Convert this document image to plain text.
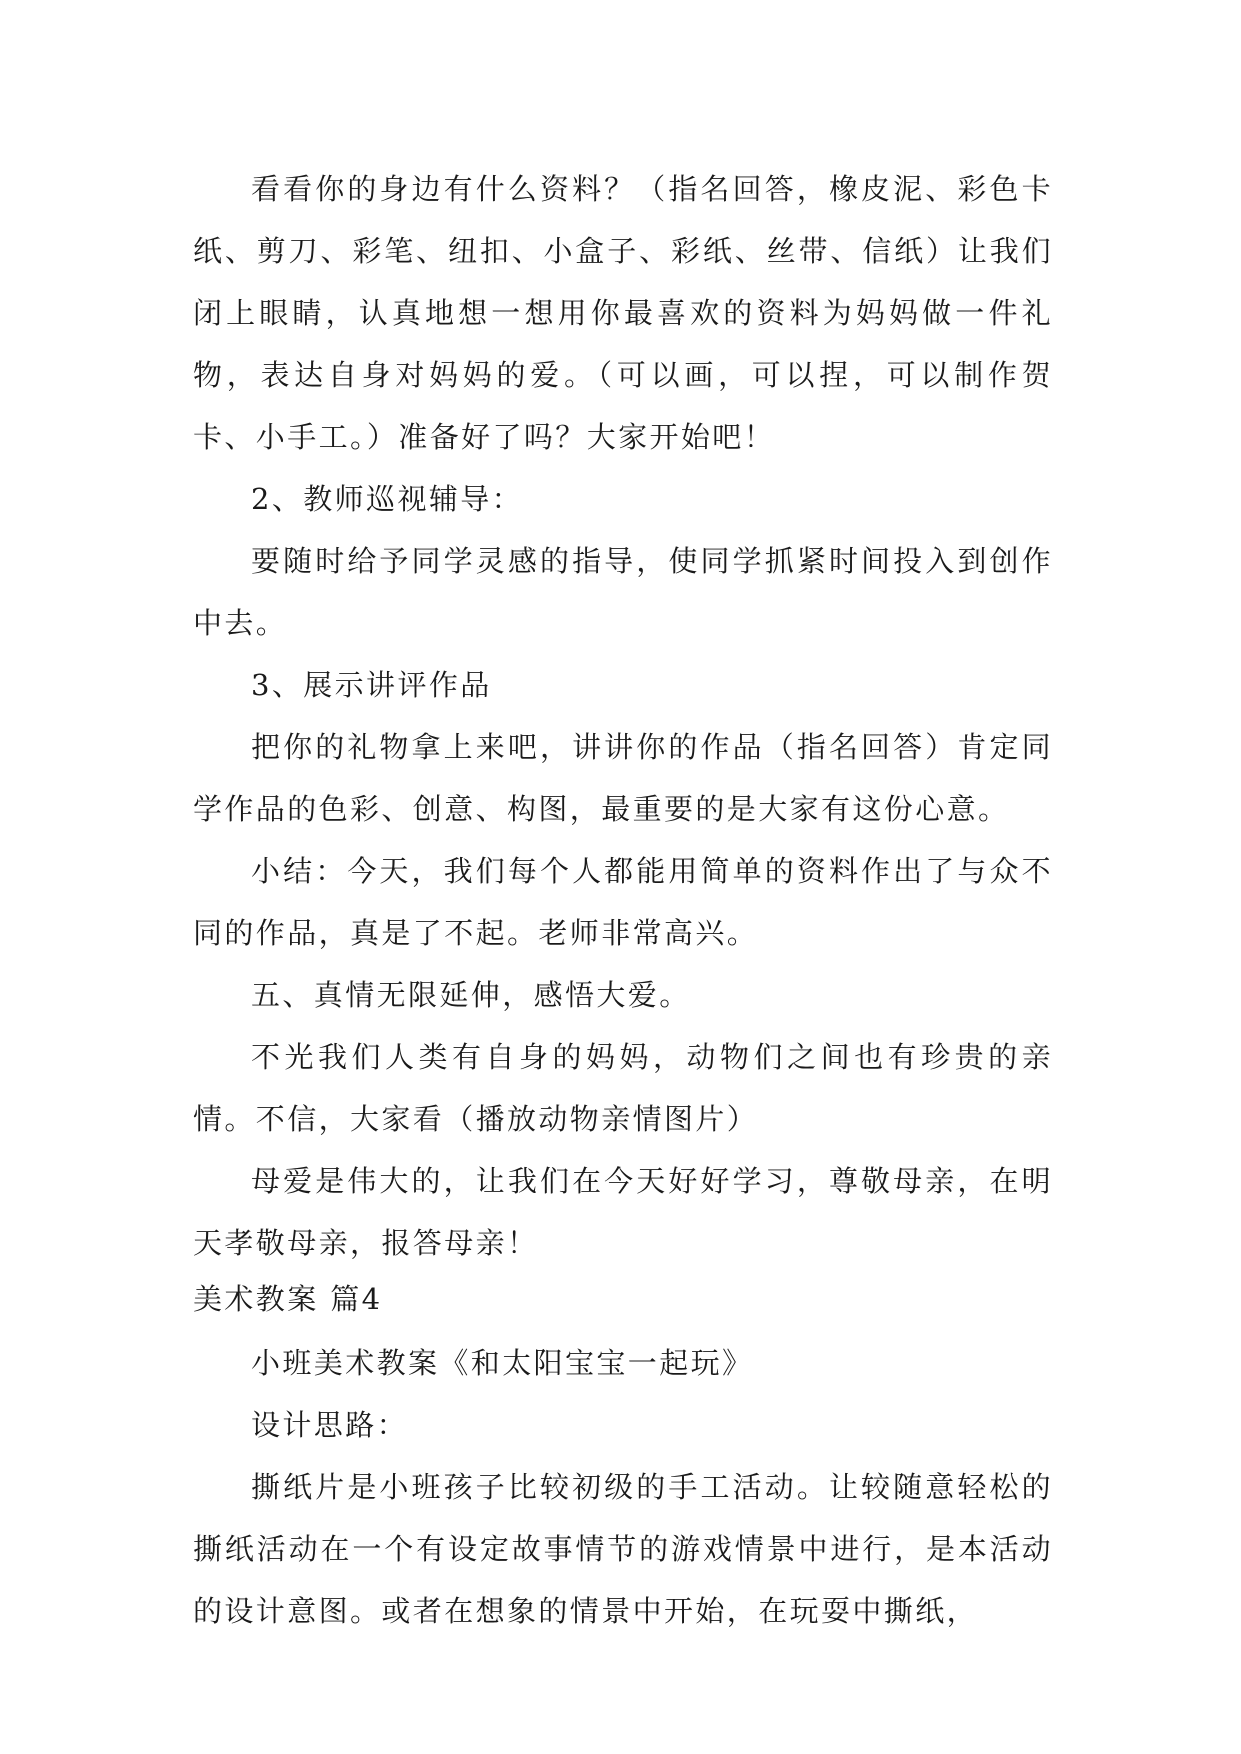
看看你的身边有什么资料？（指名回答，橡皮泥、彩色卡纸、剪刀、彩笔、纽扣、小盒子、彩纸、丝带、信纸）让我们闭上眼睛，认真地想一想用你最喜欢的资料为妈妈做一件礼物，表达自身对妈妈的爱。（可以画，可以捏，可以制作贺卡、小手工。）准备好了吗？大家开始吧！

2、教师巡视辅导：

要随时给予同学灵感的指导，使同学抓紧时间投入到创作中去。

3、展示讲评作品

把你的礼物拿上来吧，讲讲你的作品（指名回答）肯定同学作品的色彩、创意、构图，最重要的是大家有这份心意。

小结：今天，我们每个人都能用简单的资料作出了与众不同的作品，真是了不起。老师非常高兴。

五、真情无限延伸，感悟大爱。

不光我们人类有自身的妈妈，动物们之间也有珍贵的亲情。不信，大家看（播放动物亲情图片）

母爱是伟大的，让我们在今天好好学习，尊敬母亲，在明天孝敬母亲，报答母亲！

美术教案 篇4

小班美术教案《和太阳宝宝一起玩》

设计思路：

撕纸片是小班孩子比较初级的手工活动。让较随意轻松的撕纸活动在一个有设定故事情节的游戏情景中进行，是本活动的设计意图。或者在想象的情景中开始，在玩耍中撕纸，
